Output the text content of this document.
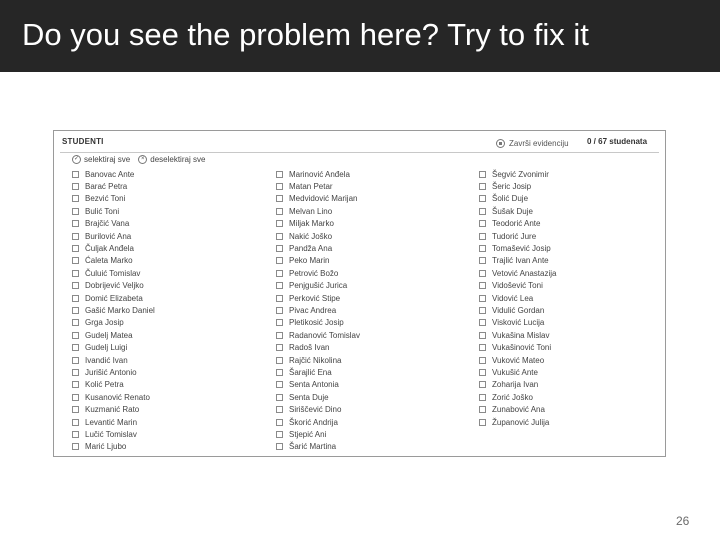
Do you see the problem here? Try to fix it
STUDENTI	Završi evidenciju 0 / 67 studenata
✓ selektiraj sve	× deselektiraj sve
Banovac Ante
Barać Petra
Bezvić Toni
Bulić Toni
Brajčić Vana
Burilović Ana
Čuljak Anđela
Ćaleta Marko
Čuluić Tomislav
Dobrijević Veljko
Domić Elizabeta
Gašić Marko Daniel
Grga Josip
Gudelj Matea
Gudelj Luigi
Ivandić Ivan
Jurišić Antonio
Kolić Petra
Kusanović Renato
Kuzmanić Rato
Levantić Marin
Lučić Tomislav
Marić Ljubo
Marinović Anđela
Matan Petar
Medvidović Marijan
Melvan Lino
Miljak Marko
Nakić Joško
Pandža Ana
Peko Marin
Petrović Božo
Penjgušić Jurica
Perković Stipe
Pivac Andrea
Pletikosić Josip
Radanović Tomislav
Radoš Ivan
Rajčić Nikolina
Šarajlić Ena
Senta Antonia
Senta Duje
Siriščević Dino
Škorić Andrija
Stjepić Ani
Šarić Martina
Šegvić Zvonimir
Šeric Josip
Šolić Duje
Šušak Duje
Teodorić Ante
Tudorić Jure
Tomašević Josip
Trajlić Ivan Ante
Vetović Anastazija
Vidošević Toni
Vidović Lea
Vidulić Gordan
Visković Lucija
Vukašina Mislav
Vukašinović Toni
Vuković Mateo
Vukušić Ante
Zoharija Ivan
Zorić Joško
Zunabović Ana
Županović Julija
26
